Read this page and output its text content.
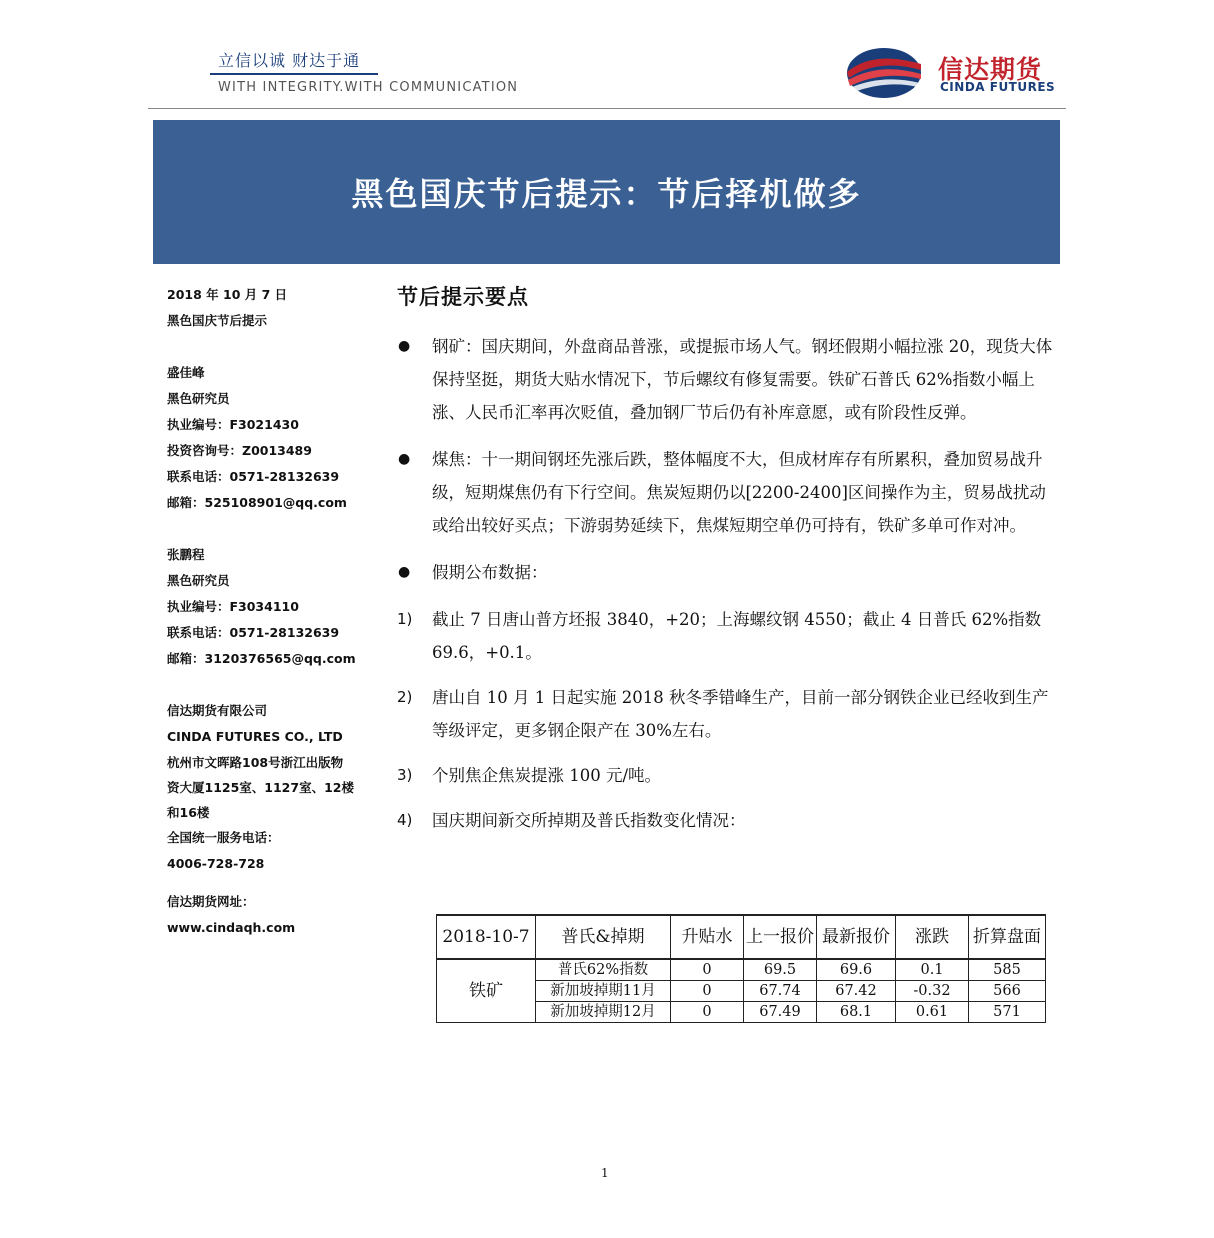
立信以诚 财达于通
WITH INTEGRITY.WITH COMMUNICATION
信达期货
CINDA FUTURES
黑色国庆节后提示：节后择机做多
2018 年 10 月 7 日
黑色国庆节后提示
盛佳峰
黑色研究员
执业编号：F3021430
投资咨询号：Z0013489
联系电话：0571-28132639
邮箱：525108901@qq.com
张鹏程
黑色研究员
执业编号：F3034110
联系电话：0571-28132639
邮箱：3120376565@qq.com
信达期货有限公司
CINDA FUTURES CO., LTD
杭州市文晖路108号浙江出版物
资大厦1125室、1127室、12楼
和16楼
全国统一服务电话：
4006-728-728
信达期货网址：
www.cindaqh.com
节后提示要点
● 钢矿：国庆期间，外盘商品普涨，或提振市场人气。钢坯假期小幅拉涨 20，现货大体保持坚挺，期货大贴水情况下，节后螺纹有修复需要。铁矿石普氏 62%指数小幅上涨、人民币汇率再次贬值，叠加钢厂节后仍有补库意愿，或有阶段性反弹。
● 煤焦：十一期间钢坯先涨后跌，整体幅度不大，但成材库存有所累积，叠加贸易战升级，短期煤焦仍有下行空间。焦炭短期仍以[2200-2400]区间操作为主，贸易战扰动或给出较好买点；下游弱势延续下，焦煤短期空单仍可持有，铁矿多单可作对冲。
● 假期公布数据：
1) 截止 7 日唐山普方坯报 3840，+20；上海螺纹钢 4550；截止 4 日普氏 62%指数 69.6，+0.1。
2) 唐山自 10 月 1 日起实施 2018 秋冬季错峰生产，目前一部分钢铁企业已经收到生产等级评定，更多钢企限产在 30%左右。
3) 个别焦企焦炭提涨 100 元/吨。
4) 国庆期间新交所掉期及普氏指数变化情况：
2018-10-7	普氏&掉期	升贴水	上一报价	最新报价	涨跌	折算盘面
铁矿	普氏62%指数	0	69.5	69.6	0.1	585
	新加坡掉期11月	0	67.74	67.42	-0.32	566
	新加坡掉期12月	0	67.49	68.1	0.61	571
1
